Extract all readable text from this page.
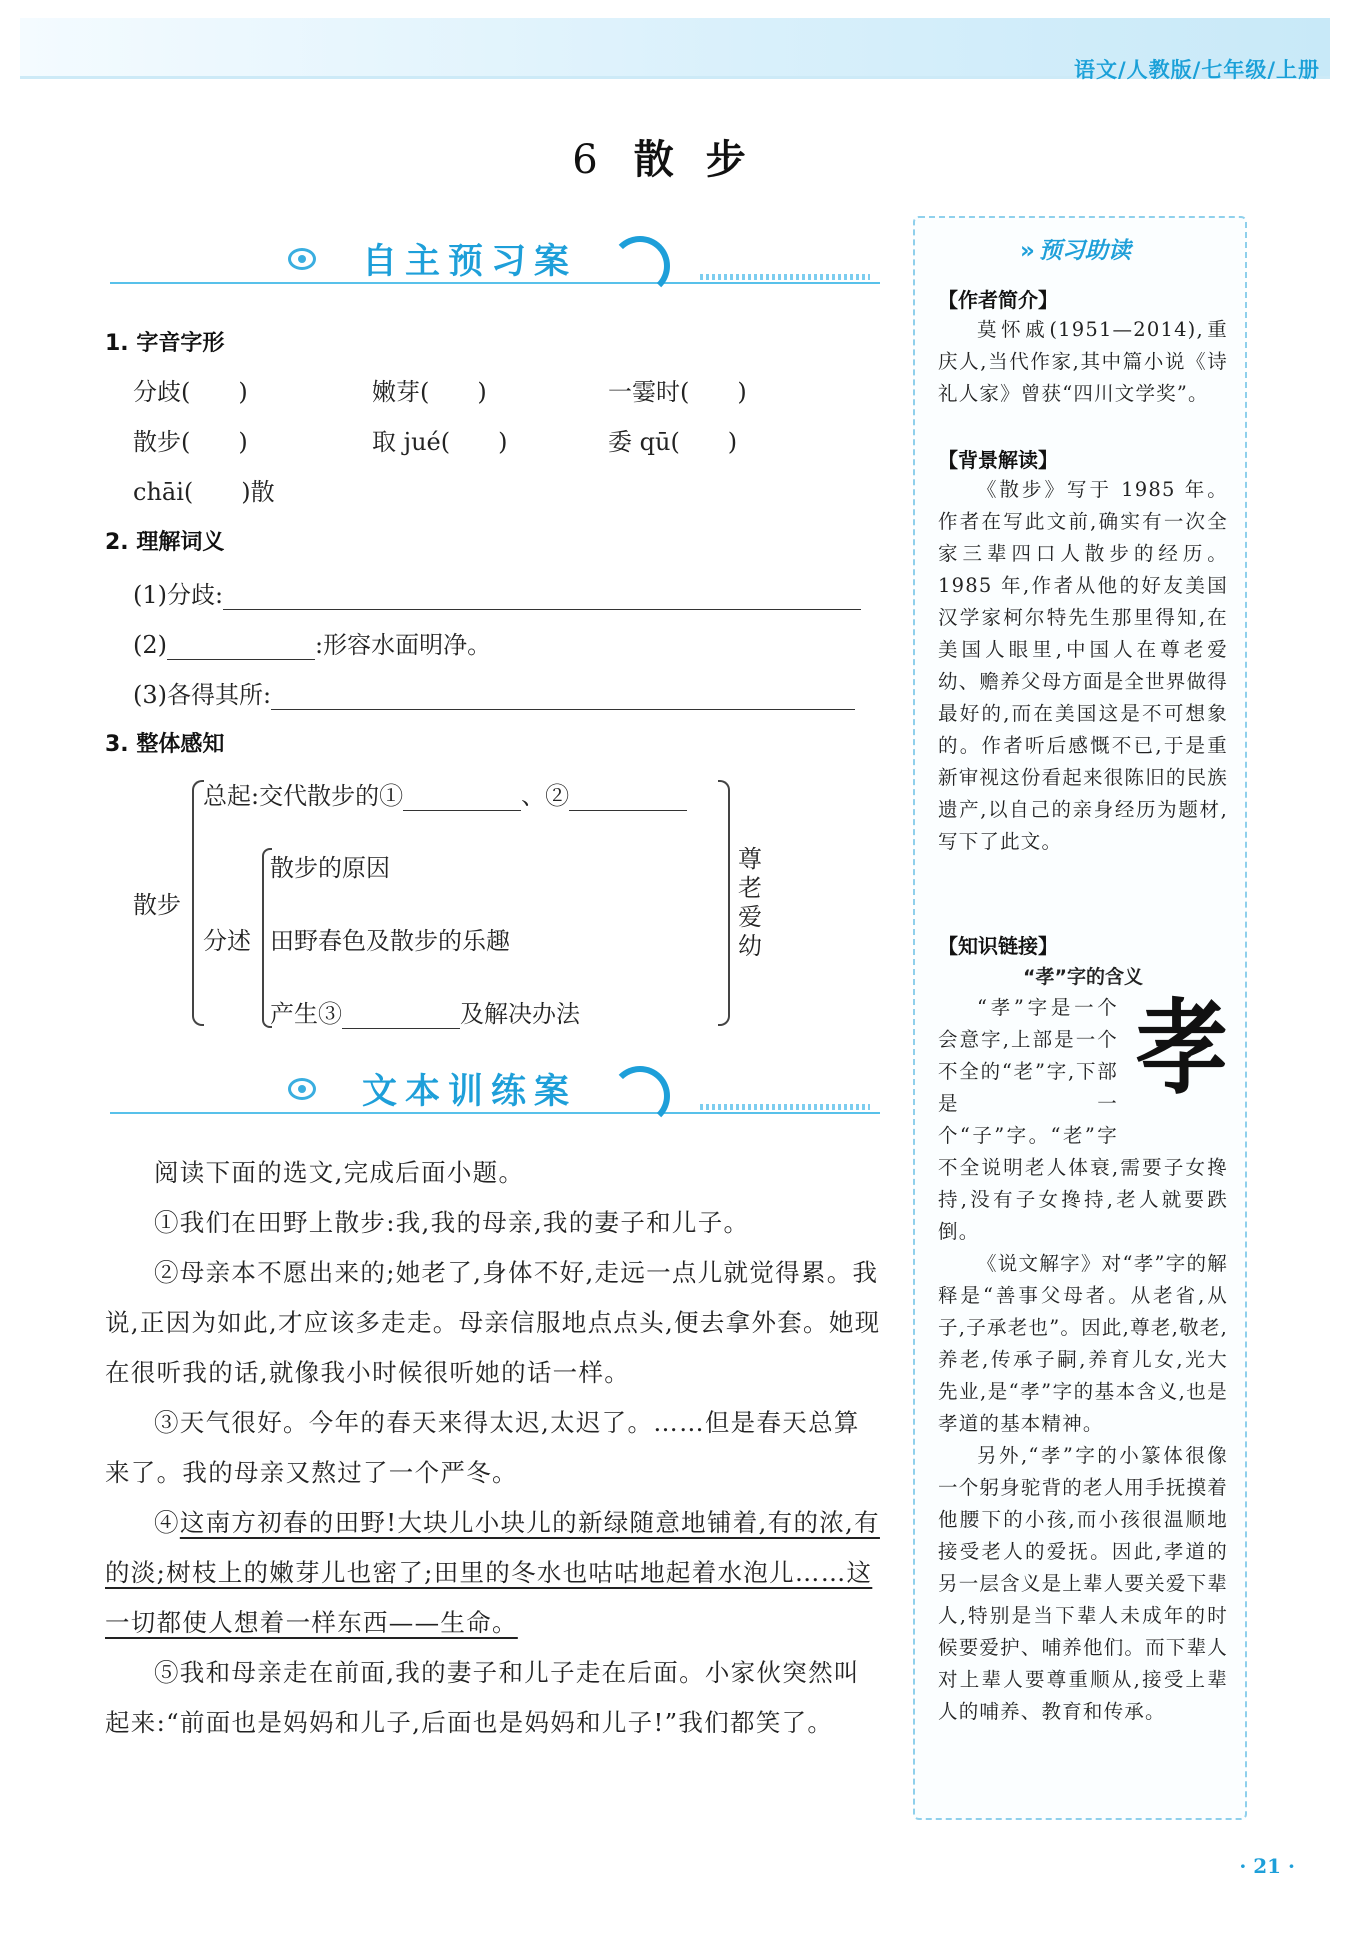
语文/人教版/七年级/上册
6 散步
自主预习案
1. 字音字形
分歧(　　)	嫩芽(　　)	一霎时(　　)
散步(　　)	取 jué(　　)	委 qū(　　)
chāi(　　)散
2. 理解词义
(1)分歧:
(2)	:形容水面明净。
(3)各得其所:
3. 整体感知
散步
总起:交代散步的①	、②
分述
散步的原因
田野春色及散步的乐趣
产生③	及解决办法
尊老爱幼
文本训练案

阅读下面的选文,完成后面小题。

①我们在田野上散步:我,我的母亲,我的妻子和儿子。

②母亲本不愿出来的;她老了,身体不好,走远一点儿就觉得累。我说,正因为如此,才应该多走走。母亲信服地点点头,便去拿外套。她现在很听我的话,就像我小时候很听她的话一样。

③天气很好。今年的春天来得太迟,太迟了。……但是春天总算来了。我的母亲又熬过了一个严冬。

④这南方初春的田野!大块儿小块儿的新绿随意地铺着,有的浓,有的淡;树枝上的嫩芽儿也密了;田里的冬水也咕咕地起着水泡儿……这一切都使人想着一样东西——生命。

⑤我和母亲走在前面,我的妻子和儿子走在后面。小家伙突然叫起来:“前面也是妈妈和儿子,后面也是妈妈和儿子!”我们都笑了。

» 预习助读
【作者简介】

莫怀戚(1951—2014),重庆人,当代作家,其中篇小说《诗礼人家》曾获“四川文学奖”。

【背景解读】

《散步》写于 1985 年。作者在写此文前,确实有一次全家三辈四口人散步的经历。1985 年,作者从他的好友美国汉学家柯尔特先生那里得知,在美国人眼里,中国人在尊老爱幼、赡养父母方面是全世界做得最好的,而在美国这是不可想象的。作者听后感慨不已,于是重新审视这份看起来很陈旧的民族遗产,以自己的亲身经历为题材,写下了此文。

【知识链接】
“孝”字的含义
孝

“孝”字是一个会意字,上部是一个不全的“老”字,下部是一个“子”字。“老”字不全说明老人体衰,需要子女搀持,没有子女搀持,老人就要跌倒。

《说文解字》对“孝”字的解释是“善事父母者。从老省,从子,子承老也”。因此,尊老,敬老,养老,传承子嗣,养育儿女,光大先业,是“孝”字的基本含义,也是孝道的基本精神。

另外,“孝”字的小篆体很像一个躬身驼背的老人用手抚摸着他腰下的小孩,而小孩很温顺地接受老人的爱抚。因此,孝道的另一层含义是上辈人要关爱下辈人,特别是当下辈人未成年的时候要爱护、哺养他们。而下辈人对上辈人要尊重顺从,接受上辈人的哺养、教育和传承。

· 21 ·
